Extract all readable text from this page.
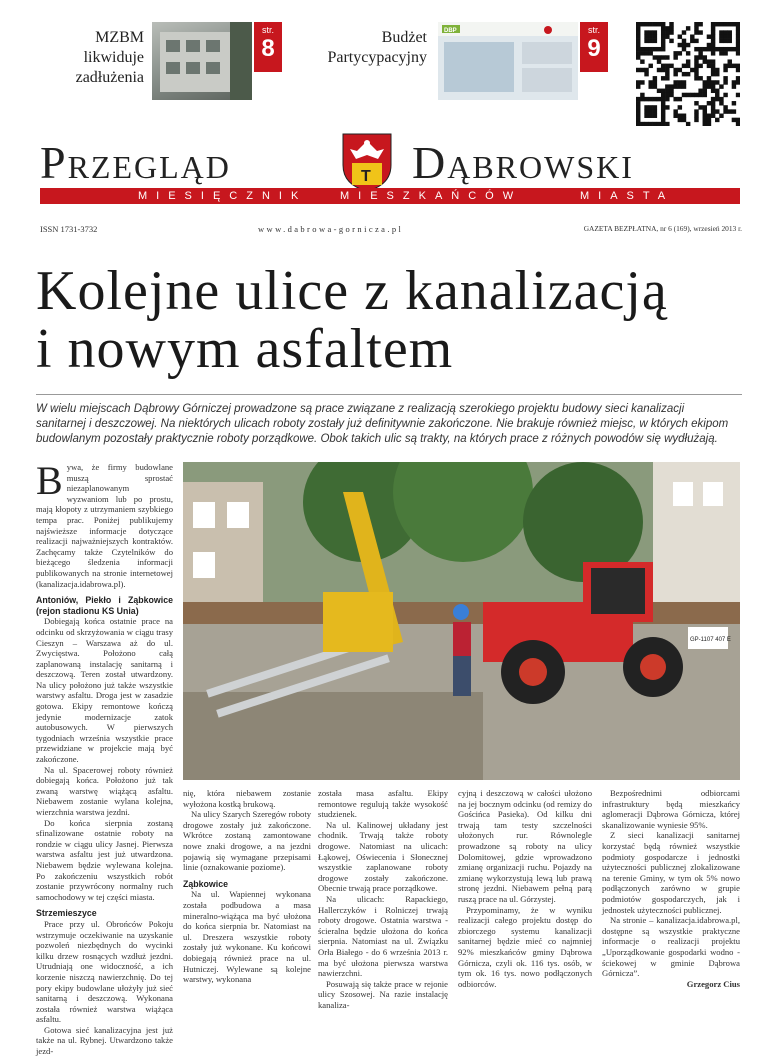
MZBM
likwiduje
zadłużenia
str.
8	Budżet
Partycypacyjny
DBP	str.
9
Przegląd	T Dąbrowski
MIESIĘCZNIK	MIESZKAŃCÓW	MIASTA
ISSN 1731-3732	www.dabrowa-gornicza.pl	GAZETA BEZPŁATNA, nr 6 (169), wrzesień 2013 r.
Kolejne ulice z kanalizacją
i nowym asfaltem
W wielu miejscach Dąbrowy Górniczej prowadzone są prace związane z realizacją szerokiego projektu budowy sieci kanalizacji sanitarnej i deszczowej. Na niektórych ulicach roboty zostały już definitywnie zakończone. Nie brakuje również miejsc, w których ekipom budowlanym pozostały praktycznie roboty porządkowe. Obok takich ulic są trakty, na których prace z różnych powodów się wydłużają.
B ywa, że firmy budowlane muszą sprostać niezaplanowanym wyzwaniom lub po prostu, mają kłopoty z utrzymaniem szybkiego tempa prac. Poniżej publikujemy najświeższe informacje dotyczące realizacji najważniejszych kontraktów. Zachęcamy także Czytelników do bieżącego śledzenia informacji publikowanych na stronie internetowej (kanalizacja.idabrowa.pl).
Antoniów, Piekło i Ząbkowice (rejon stadionu KS Unia)

Dobiegają końca ostatnie prace na odcinku od skrzyżowania w ciągu trasy Cieszyn – Warszawa aż do ul. Zwycięstwa. Położono całą zaplanowaną instalację sanitarną i deszczową. Teren został utwardzony. Na ulicy położono już także wszystkie warstwy asfaltu. Droga jest w zasadzie gotowa. Ekipy remontowe kończą jedynie modernizacje zatok autobusowych. W pierwszych tygodniach września wszystkie prace przewidziane w projekcie mają być zakończone.

Na ul. Spacerowej roboty również dobiegają końca. Położono już tak zwaną warstwę wiążącą asfaltu. Niebawem zostanie wylana kolejna, wierzchnia warstwa jezdni.

Do końca sierpnia zostaną sfinalizowane ostatnie roboty na rondzie w ciągu ulicy Jasnej. Pierwsza warstwa asfaltu jest już utwardzona. Niebawem będzie wylewana kolejna. Po zakończeniu wszystkich robót zostanie przywrócony normalny ruch samochodowy w tej części miasta.

Strzemieszyce

Prace przy ul. Obrońców Pokoju wstrzymuje oczekiwanie na uzyskanie pozwoleń niezbędnych do wycinki kilku drzew rosnących wzdłuż jezdni. Utrudniają one widoczność, a ich korzenie niszczą nawierzchnię. Do tej pory ekipy budowlane ułożyły już sieć sanitarną i deszczową. Wykonana została również warstwa wiążąca asfaltu.

Gotowa sieć kanalizacyjna jest już także na ul. Rybnej. Utwardzono także jezd-

GP-1107 407 E

nię, która niebawem zostanie wyłożona kostką brukową.

Na ulicy Szarych Szeregów roboty drogowe zostały już zakończone. Wkrótce zostaną zamontowane nowe znaki drogowe, a na jezdni pojawią się wymagane przepisami linie (oznakowanie poziome).

Ząbkowice

Na ul. Wapiennej wykonana została podbudowa a masa mineralno-wiążąca ma być ułożona do końca sierpnia br. Natomiast na ul. Dreszera wszystkie roboty zostały już wykonane. Ku końcowi dobiegają również prace na ul. Hutniczej. Wylewane są kolejne warstwy, wykonana

została masa asfaltu. Ekipy remontowe regulują także wysokość studzienek.

Na ul. Kalinowej układany jest chodnik. Trwają także roboty drogowe. Natomiast na ulicach: Łąkowej, Oświecenia i Słonecznej wszystkie zaplanowane roboty drogowe zostały zakończone. Obecnie trwają prace porządkowe.

Na ulicach: Rapackiego, Hallerczyków i Rolniczej trwają roboty drogowe. Ostatnia warstwa - ścieralna będzie ułożona do końca sierpnia. Natomiast na ul. Związku Orła Białego - do 6 września 2013 r. ma być ułożona pierwsza warstwa nawierzchni.

Posuwają się także prace w rejonie ulicy Szosowej. Na razie instalację kanaliza-

cyjną i deszczową w całości ułożono na jej bocznym odcinku (od remizy do Gościńca Pasieka). Od kilku dni trwają tam testy szczelności ułożonych rur. Równolegle prowadzone są roboty na ulicy Dolomitowej, gdzie wprowadzono zmianę organizacji ruchu. Pojazdy na zmianę wykorzystują lewą lub prawą stronę jezdni. Niebawem pełną parą ruszą prace na ul. Górzystej.

Przypominamy, że w wyniku realizacji całego projektu dostęp do zbiorczego systemu kanalizacji sanitarnej będzie mieć co najmniej 92% mieszkańców gminy Dąbrowa Górnicza, czyli ok. 116 tys. osób, w tym ok. 16 tys. nowo podłączonych odbiorców.

Bezpośrednimi odbiorcami infrastruktury będą mieszkańcy aglomeracji Dąbrowa Górnicza, której skanalizowanie wyniesie 95%.

Z sieci kanalizacji sanitarnej korzystać będą również wszystkie podmioty gospodarcze i jednostki użyteczności publicznej zlokalizowane na terenie Gminy, w tym ok 5% nowo podłączonych zarówno w grupie podmiotów gospodarczych, jak i jednostek użyteczności publicznej.

Na stronie – kanalizacja.idabrowa.pl, dostępne są wszystkie praktyczne informacje o realizacji projektu „Uporządkowanie gospodarki wodno - ściekowej w gminie Dąbrowa Górnicza”.

Grzegorz Cius
